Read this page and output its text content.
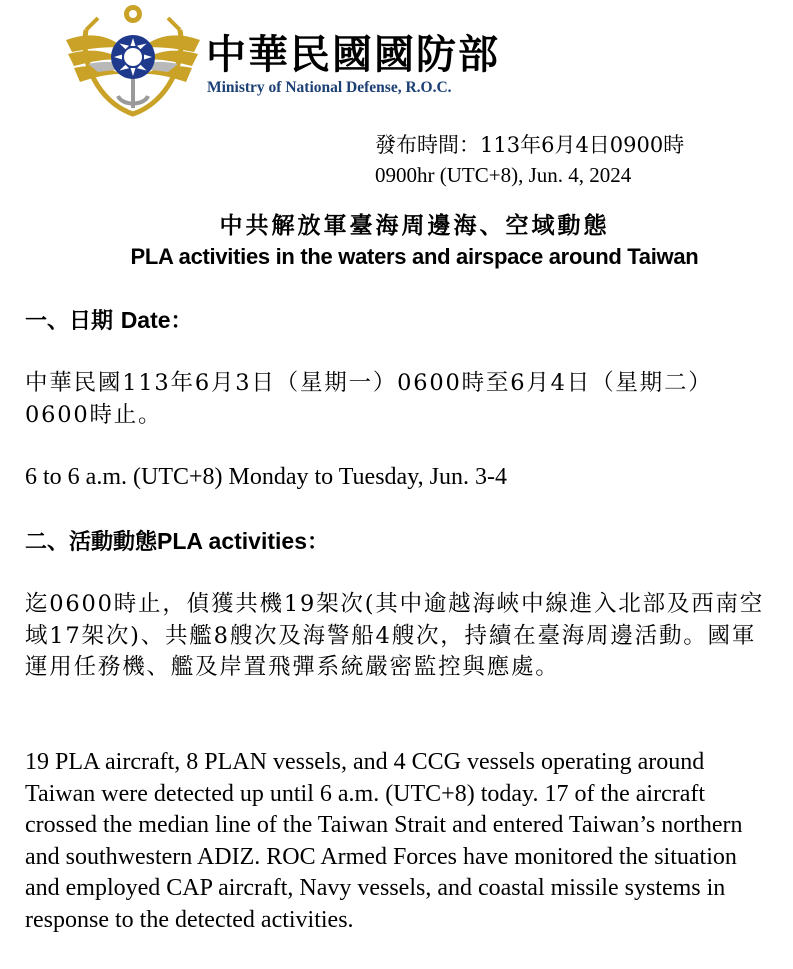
中華民國國防部
Ministry of National Defense, R.O.C.
發布時間：113年6月4日0900時
0900hr (UTC+8), Jun. 4, 2024
中共解放軍臺海周邊海、空域動態
PLA activities in the waters and airspace around Taiwan
一、日期 Date：
中華民國113年6月3日（星期一）0600時至6月4日（星期二）0600時止。
6 to 6 a.m. (UTC+8) Monday to Tuesday, Jun. 3-4
二、活動動態PLA activities：
迄0600時止，偵獲共機19架次(其中逾越海峽中線進入北部及西南空域17架次)、共艦8艘次及海警船4艘次，持續在臺海周邊活動。國軍運用任務機、艦及岸置飛彈系統嚴密監控與應處。
19 PLA aircraft, 8 PLAN vessels, and 4 CCG vessels operating around Taiwan were detected up until 6 a.m. (UTC+8) today. 17 of the aircraft crossed the median line of the Taiwan Strait and entered Taiwan’s northern and southwestern ADIZ. ROC Armed Forces have monitored the situation and employed CAP aircraft, Navy vessels, and coastal missile systems in response to the detected activities.
